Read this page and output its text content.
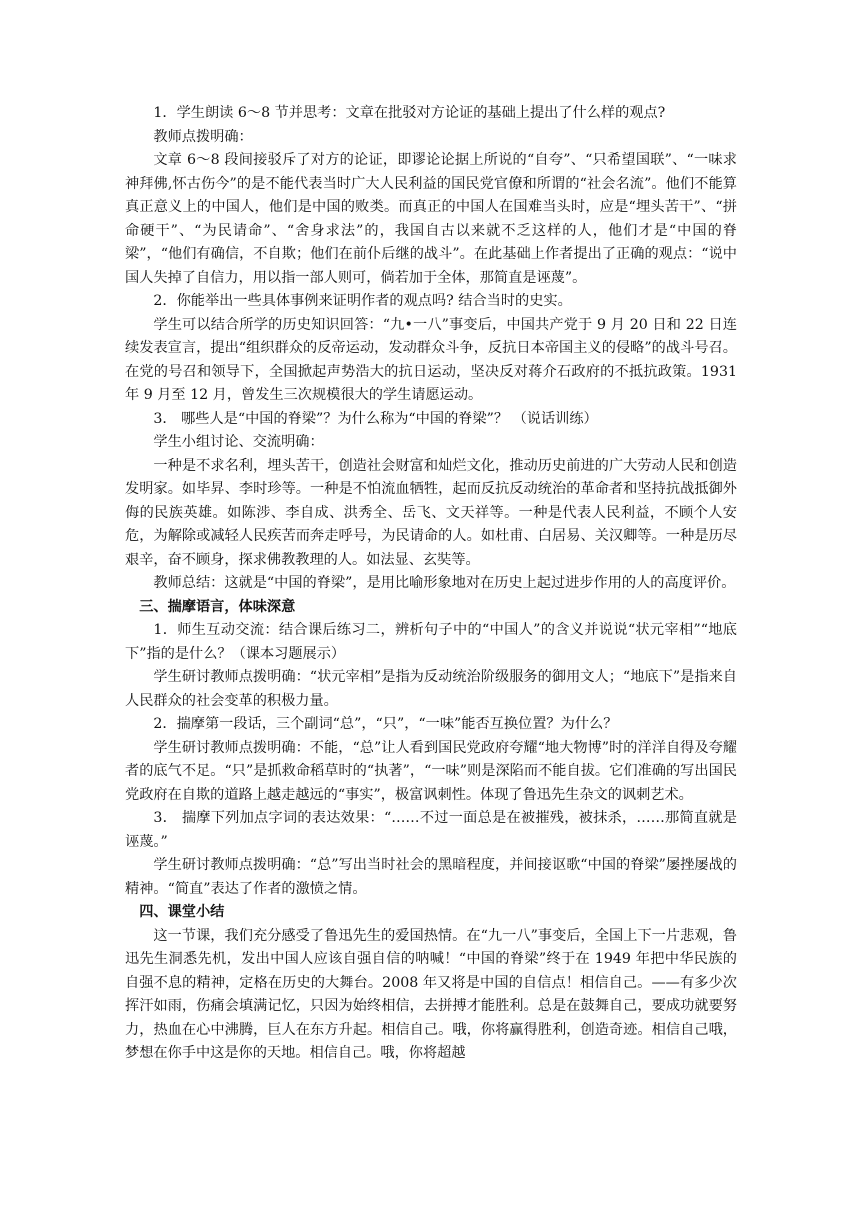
1．学生朗读 6～8 节并思考：文章在批驳对方论证的基础上提出了什么样的观点?

教师点拨明确：

文章 6～8 段间接驳斥了对方的论证，即谬论论据上所说的“自夸”、“只希望国联”、“一味求神拜佛,怀古伤今”的是不能代表当时广大人民利益的国民党官僚和所谓的“社会名流”。他们不能算真正意义上的中国人，他们是中国的败类。而真正的中国人在国难当头时，应是“埋头苦干”、“拼命硬干”、“为民请命”、“舍身求法”的，我国自古以来就不乏这样的人，他们才是“中国的脊梁”，“他们有确信，不自欺；他们在前仆后继的战斗”。在此基础上作者提出了正确的观点：“说中国人失掉了自信力，用以指一部人则可，倘若加于全体，那简直是诬蔑”。

2．你能举出一些具体事例来证明作者的观点吗? 结合当时的史实。

学生可以结合所学的历史知识回答：“九•一八”事变后，中国共产党于 9 月 20 日和 22 日连续发表宣言，提出“组织群众的反帝运动，发动群众斗争，反抗日本帝国主义的侵略”的战斗号召。在党的号召和领导下，全国掀起声势浩大的抗日运动，坚决反对蒋介石政府的不抵抗政策。1931 年 9 月至 12 月，曾发生三次规模很大的学生请愿运动。

3． 哪些人是“中国的脊梁”？为什么称为“中国的脊梁”？ （说话训练）

学生小组讨论、交流明确：

一种是不求名利，埋头苦干，创造社会财富和灿烂文化，推动历史前进的广大劳动人民和创造发明家。如毕昇、李时珍等。一种是不怕流血牺牲，起而反抗反动统治的革命者和坚持抗战抵御外侮的民族英雄。如陈涉、李自成、洪秀全、岳飞、文天祥等。一种是代表人民利益，不顾个人安危，为解除或减轻人民疾苦而奔走呼号，为民请命的人。如杜甫、白居易、关汉卿等。一种是历尽艰辛，奋不顾身，探求佛教教理的人。如法显、玄奘等。

教师总结：这就是“中国的脊梁”，是用比喻形象地对在历史上起过进步作用的人的高度评价。

三、揣摩语言，体味深意

1．师生互动交流：结合课后练习二，辨析句子中的“中国人”的含义并说说“状元宰相”“地底下”指的是什么？（课本习题展示）

学生研讨教师点拨明确：“状元宰相”是指为反动统治阶级服务的御用文人；“地底下”是指来自人民群众的社会变革的积极力量。

2．揣摩第一段话，三个副词“总”，“只”，“一味”能否互换位置？为什么？

学生研讨教师点拨明确：不能，“总”让人看到国民党政府夸耀“地大物博”时的洋洋自得及夸耀者的底气不足。“只”是抓救命稻草时的“执著”，“一味”则是深陷而不能自拔。它们准确的写出国民党政府在自欺的道路上越走越远的“事实”，极富讽刺性。体现了鲁迅先生杂文的讽刺艺术。

3． 揣摩下列加点字词的表达效果：“……不过一面总是在被摧残，被抹杀，……那简直就是诬蔑。”

学生研讨教师点拨明确：“总”写出当时社会的黑暗程度，并间接讴歌“中国的脊梁”屡挫屡战的精神。“简直”表达了作者的激愤之情。

四、课堂小结

这一节课，我们充分感受了鲁迅先生的爱国热情。在“九一八”事变后，全国上下一片悲观，鲁迅先生洞悉先机，发出中国人应该自强自信的呐喊！“中国的脊梁”终于在 1949 年把中华民族的自强不息的精神，定格在历史的大舞台。2008 年又将是中国的自信点！相信自己。——有多少次挥汗如雨，伤痛会填满记忆，只因为始终相信，去拼搏才能胜利。总是在鼓舞自己，要成功就要努力，热血在心中沸腾，巨人在东方升起。相信自己。哦，你将赢得胜利，创造奇迹。相信自己哦，梦想在你手中这是你的天地。相信自己。哦，你将超越
